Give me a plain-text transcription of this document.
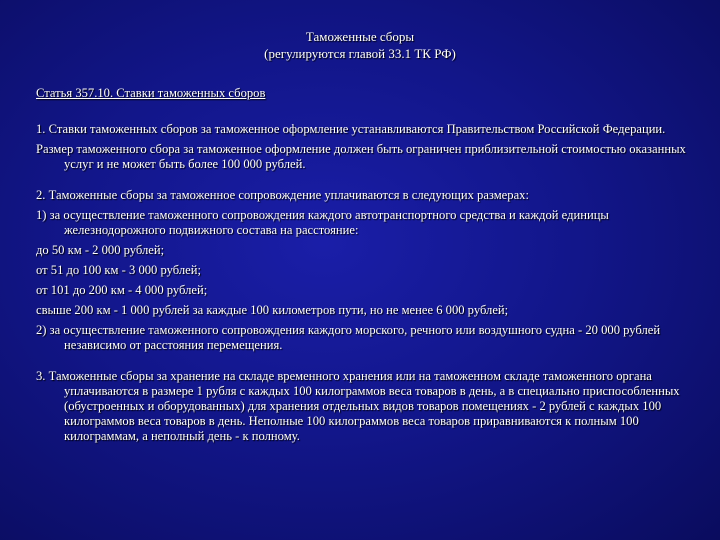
Таможенные сборы
(регулируются главой 33.1 ТК РФ)
Статья 357.10. Ставки таможенных сборов
1. Ставки таможенных сборов за таможенное оформление устанавливаются Правительством Российской Федерации.
Размер таможенного сбора за таможенное оформление должен быть ограничен приблизительной стоимостью оказанных услуг и не может быть более 100 000 рублей.
2. Таможенные сборы за таможенное сопровождение уплачиваются в следующих размерах:
1) за осуществление таможенного сопровождения каждого автотранспортного средства и каждой единицы железнодорожного подвижного состава на расстояние:
до 50 км - 2 000 рублей;
от 51 до 100 км - 3 000 рублей;
от 101 до 200 км - 4 000 рублей;
свыше 200 км - 1 000 рублей за каждые 100 километров пути, но не менее 6 000 рублей;
2) за осуществление таможенного сопровождения каждого морского, речного или воздушного судна - 20 000 рублей независимо от расстояния перемещения.
3. Таможенные сборы за хранение на складе временного хранения или на таможенном складе таможенного органа уплачиваются в размере 1 рубля с каждых 100 килограммов веса товаров в день, а в специально приспособленных (обустроенных и оборудованных) для хранения отдельных видов товаров помещениях - 2 рублей с каждых 100 килограммов веса товаров в день. Неполные 100 килограммов веса товаров приравниваются к полным 100 килограммам, а неполный день - к полному.
